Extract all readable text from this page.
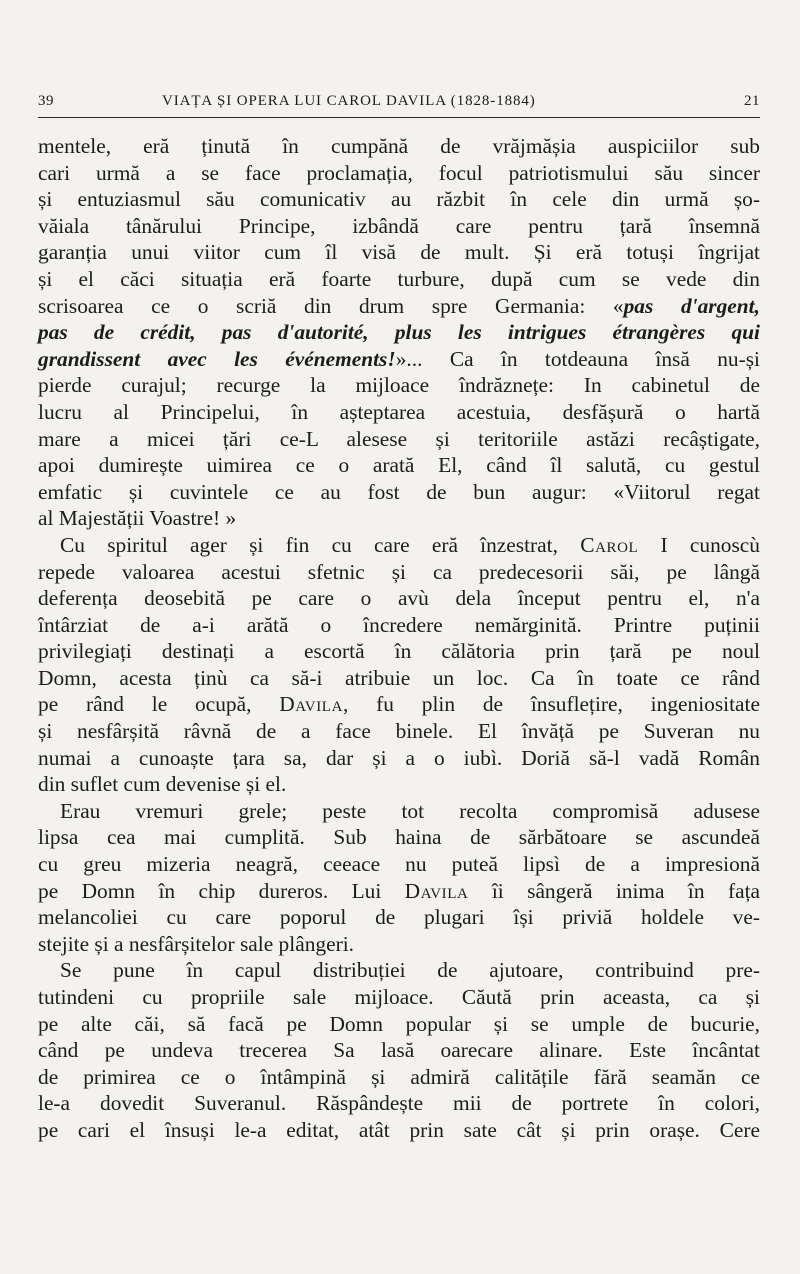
39	VIAȚA ȘI OPERA LUI CAROL DAVILA (1828-1884)	21
mentele, eră ținută în cumpănă de vrăjmășia auspiciilor sub
cari urmă a se face proclamația, focul patriotismului său sincer
și entuziasmul său comunicativ au răzbit în cele din urmă șo-
văiala tânărului Principe, izbândă care pentru țară însemnă
garanția unui viitor cum îl visă de mult. Și eră totuși îngrijat
și el căci situația eră foarte turbure, după cum se vede din
scrisoarea ce o scriă din drum spre Germania: «pas d'argent,
pas de crédit, pas d'autorité, plus les intrigues étrangères qui
grandissent avec les événements!»... Ca în totdeauna însă nu-și
pierde curajul; recurge la mijloace îndrăznețe: In cabinetul de
lucru al Principelui, în așteptarea acestuia, desfășură o hartă
mare a micei țări ce-L alesese și teritoriile astăzi recâștigate,
apoi dumirește uimirea ce o arată El, când îl salută, cu gestul
emfatic și cuvintele ce au fost de bun augur: «Viitorul regat
al Majestății Voastre! »
Cu spiritul ager și fin cu care eră înzestrat, Carol I cunoscù
repede valoarea acestui sfetnic și ca predecesorii săi, pe lângă
deferența deosebită pe care o avù dela început pentru el, n'a
întârziat de a-i arătă o încredere nemărginită. Printre puținii
privilegiați destinați a escortă în călătoria prin țară pe noul
Domn, acesta ținù ca să-i atribuie un loc. Ca în toate ce rând
pe rând le ocupă, Davila, fu plin de însuflețire, ingeniositate
și nesfârșită râvnă de a face binele. El învăță pe Suveran nu
numai a cunoaște țara sa, dar și a o iubì. Doriă să-l vadă Român
din suflet cum devenise și el.
Erau vremuri grele; peste tot recolta compromisă adusese
lipsa cea mai cumplită. Sub haina de sărbătoare se ascundeă
cu greu mizeria neagră, ceeace nu puteă lipsì de a impresionă
pe Domn în chip dureros. Lui Davila îi sângeră inima în fața
melancoliei cu care poporul de plugari își priviă holdele ve-
stejite și a nesfârșitelor sale plângeri.
Se pune în capul distribuției de ajutoare, contribuind pre-
tutindeni cu propriile sale mijloace. Căută prin aceasta, ca și
pe alte căi, să facă pe Domn popular și se umple de bucurie,
când pe undeva trecerea Sa lasă oarecare alinare. Este încântat
de primirea ce o întâmpină și admiră calitățile fără seamăn ce
le-a dovedit Suveranul. Răspândește mii de portrete în colori,
pe cari el însuși le-a editat, atât prin sate cât și prin orașe. Cere
